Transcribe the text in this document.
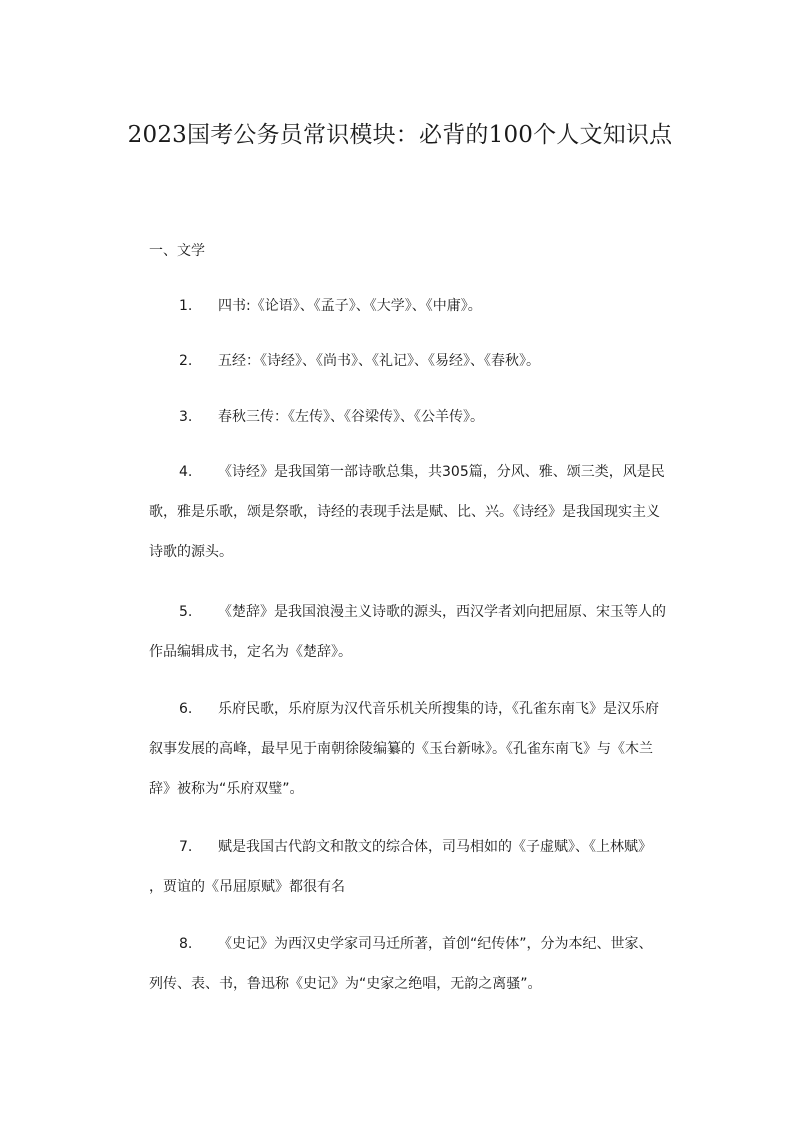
2023国考公务员常识模块：必背的100个人文知识点
一、文学
1. 四书:《论语》、《孟子》、《大学》、《中庸》。
2. 五经：《诗经》、《尚书》、《礼记》、《易经》、《春秋》。
3. 春秋三传：《左传》、《谷梁传》、《公羊传》。
4. 《诗经》是我国第一部诗歌总集，共305篇，分风、雅、颂三类，风是民
歌，雅是乐歌，颂是祭歌，诗经的表现手法是赋、比、兴。《诗经》是我国现实主义
诗歌的源头。
5. 《楚辞》是我国浪漫主义诗歌的源头，西汉学者刘向把屈原、宋玉等人的
作品编辑成书，定名为《楚辞》。
6. 乐府民歌，乐府原为汉代音乐机关所搜集的诗，《孔雀东南飞》是汉乐府
叙事发展的高峰，最早见于南朝徐陵编纂的《玉台新咏》。《孔雀东南飞》与《木兰
辞》被称为“乐府双璧”。
7. 赋是我国古代韵文和散文的综合体，司马相如的《子虚赋》、《上林赋》
，贾谊的《吊屈原赋》都很有名
8. 《史记》为西汉史学家司马迁所著，首创“纪传体”，分为本纪、世家、
列传、表、书，鲁迅称《史记》为“史家之绝唱，无韵之离骚”。
